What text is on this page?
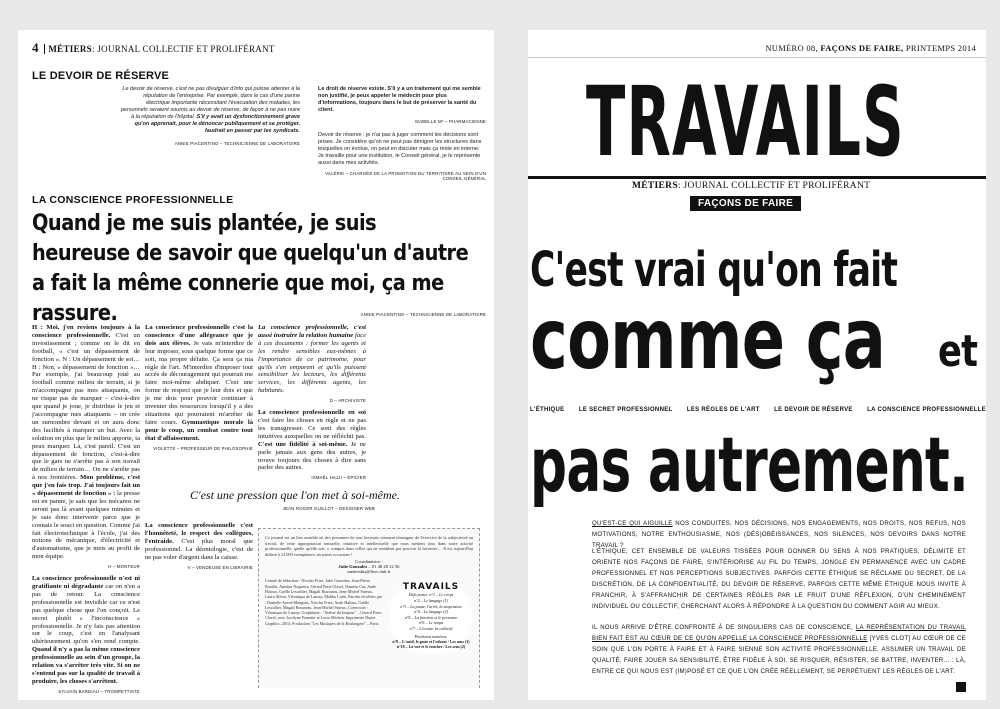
4 MÉTIERS: JOURNAL COLLECTIF ET PROLIFÉRANT
LE DEVOIR DE RÉSERVE
Le devoir de réserve, c'est ne pas divulguer d'info qui puisse attenter à la réputation de l'entreprise. Par exemple, dans le cas d'une panne électrique importante nécessitant l'évacuation des malades, les personnels seraient soumis au devoir de réserve, de façon à ne pas nuire à la réputation de l'hôpital. S'il y avait un dysfonctionnement grave qu'on apprenait, pour le dénoncer publiquement et se protéger, faudrait en passer par les syndicats.
ANNIE PIACENTINO – TECHNICIENNE DE LABORATOIRE
Le droit de réserve existe. S'il y a un traitement qui me semble non justifié, je peux appeler le médecin pour plus d'informations, toujours dans le but de préserver la santé du client.
ISABELLE M* – PHARMACIENNE
Devoir de réserve : je n'ai pas à juger comment les décisions sont prises. Je considère qu'on ne peut pas dénigrer les structures dans lesquelles on évolue, on peut en discuter mais ça reste en interne. Je travaille pour une institution, le Conseil général, je le représente aussi dans mes activités.
VALÉRIE – CHARGÉE DE LA PROMOTION DU TERRITOIRE AU SEIN D'UN CONSEIL GÉNÉRAL
LA CONSCIENCE PROFESSIONNELLE
Quand je me suis plantée, je suis heureuse de savoir que quelqu'un d'autre a fait la même connerie que moi, ça me rassure.	ANNIE PIACENTINO – TECHNICIENNE DE LABORATOIRE
H : Moi, j'en reviens toujours à la conscience professionnelle. C'est un investissement ; comme on le dit en football, « c'est un dépassement de fonction ». N : Un dépassement de soi… H : Non, « dépassement de fonction »… Par exemple, j'ai beaucoup joué au football comme milieu de terrain, si je m'accompagne pas mes attaquants, on ne risque pas de marquer – c'est-à-dire que quand je joue, je distribue le jeu et j'accompagne mes attaquants – on crée un surnombre devant et on aura donc des facilités à marquer un but. Avec la solution en plus que le milieu apporte, ta peux marquer. Là, c'est pareil. C'est un dépassement de fonction, c'est-à-dire que le gars ne s'arrête pas à son travail de milieu de terrain… On ne s'arrête pas à nos frontières. Mon problème, c'est que j'en fais trop. J'ai toujours fait un « dépassement de fonction » : la presse est en panne, je sais que les mécanos ne seront pas là avant quelques minutes et je sais donc intervenir parce que je connais le souci en question. Comme j'ai fait électrotechnique à l'école, j'ai des notions de mécanique, d'électricité et d'automatisme, que je mets au profit de mon équipe.
H – MONTEUR
La conscience professionnelle n'est ni gratifiante ni dégradante car on n'en a pas de retour. La conscience professionnelle est invisible car ce n'est pas quelque chose que l'on conçoit. Le secret plutôt « l'inconscience » professionnelle. Je n'y fais pas attention sur le coup, c'est en l'analysant ultérieurement qu'on s'en rend compte. Quand il n'y a pas la même conscience professionnelle au sein d'un groupe, la relation va s'arrêter très vite. Si on ne s'entend pas sur la qualité de travail à produire, les choses s'arrêtent.
SYLVAIN BARDIAU – TROMPETTISTE
La conscience professionnelle c'est la conscience d'une allégeance que je dois aux élèves. Je vais m'interdire de leur imposer, sous quelque forme que ce soit, ma propre défaite. Ça sera ça ma règle de l'art. M'interdire d'imposer tout accès de découragement qui pourrait me faire moi-même abdiquer. C'est une forme de respect que je leur dois et que je me dois pour pouvoir continuer à inventer des ressources lorsqu'il y a des situations qui pourraient m'arrêter de faire cours. Gymnastique morale là pour le coup, un combat contre tout état d'affaissement.
VIOLETTE – PROFESSEUR DE PHILOSOPHIE
La conscience professionnelle, c'est aussi instruire la relation humaine face à ces documents : former les agents et les rendre sensibles eux-mêmes à l'importance de ce patrimoine, pour qu'ils s'en emparent et qu'ils puissent sensibiliser les lecteurs, les différents services, les différents agents, les habitants.
D – ARCHIVISTE
La conscience professionnelle en soi c'est faire les choses en règle et ne pas les transgresser. Ce sont des règles intuitives auxquelles on ne réfléchit pas. C'est une fidélité à soi-même. Je ne parle jamais aux gens des autres, je trouve toujours des choses à dire sans parler des autres.
ISMAËL HAJJI – ÉPICIER
C'est une pression que l'on met à soi-même.
JEAN ROGER GUILLOT – DESIGNER WEB
La conscience professionnelle c'est l'honnêteté, le respect des collègues, l'entraide. C'est plus moral que professionnel. La déontologie, c'est de ne pas voler d'argent dans la caisse.
V – VENDEUSE EN LIBRAIRIE
Ce journal est un lieu sensible où des personnes de tous horizons viennent témoigner de l'exercice de la subjectivité au travail, de cette appropriation sensuelle, intuitive et intellectuelle que nous mettons tous dans notre activité professionnelle, quelle qu'elle soit, y compris dans celles qui ne semblent pas pouvoir la favoriser… Il est aujourd'hui diffusé à 14 000 exemplaires, en toutes occasions !
Coordinatrice :
Julie Gonzalez – 01 48 28 12 56
metiersbis@live.club.fr
Comité de rédaction : Nicolas Frize, Julie Gonzalez, Jean-Pierre Bouilin, Antoine Nogueira, Gérard Paris-Clavel, Damien Cas, Aude Haloux, Gaëlle Lescallier, Magali Rousseau, Jean-Michel Sineux, Laura Alfera, Véronique de Lauray, Malika Littin. Paroles récoltées par : Danielle Aveod-Mauguin, Nicolas Frize, Aude Haloux, Gaëlle Lescallier, Magali Rousseau, Jean-Michel Sineux. Correction : Véronique de Lauray. Graphisme : "Atelier du bonjour" – Gérard Paris-Clavel, avec Jocelyne Fournier et Lucie Michon. Imprimerie Burtet Graphics, 2014. Production "Les Musiques de la Boulangère" – Paris.
TRAVAILS
Déjà parus: n°1 – Le corps
n°2 – Le langage (1)
n°3 – La pause, l'arrêt, la suspension
n°4 – Le langage (2)
n°5 – La fonction et le personne
n°6 – Le temps
n°7 – L'écoute, la collectif
Prochains numéros:
n°9 – L'outil, le geste et l'odorat / Les sens (1)
n°10 – La vue et le toucher / Les sens (2)
NUMÉRO 08, FAÇONS DE FAIRE, PRINTEMPS 2014
TRAVAILS
MÉTIERS: JOURNAL COLLECTIF ET PROLIFÉRANT
FAÇONS DE FAIRE
C'est vrai qu'on fait
comme ça	et
L'ÉTHIQUE LE SECRET PROFESSIONNEL LES RÈGLES DE L'ART LE DEVOIR DE RÉSERVE LA CONSCIENCE PROFESSIONNELLE
pas autrement.
QU'EST-CE QUI AIGUILLE NOS CONDUITES, NOS DÉCISIONS, NOS ENGAGEMENTS, NOS DROITS, NOS REFUS, NOS MOTIVATIONS, NOTRE ENTHOUSIASME, NOS (DÉS)OBÉISSANCES, NOS SILENCES, NOS DEVOIRS DANS NOTRE TRAVAIL ?
L'ÉTHIQUE, CET ENSEMBLE DE VALEURS TISSÉES POUR DONNER DU SENS À NOS PRATIQUES, DÉLIMITE ET ORIENTE NOS FAÇONS DE FAIRE, S'INTÉRIORISE AU FIL DU TEMPS, JONGLE EN PERMANENCE AVEC UN CADRE PROFESSIONNEL ET NOS PERCEPTIONS SUBJECTIVES. PARFOIS CETTE ÉTHIQUE SE RÉCLAME DU SECRET, DE LA DISCRÉTION, DE LA CONFIDENTIALITÉ, DU DEVOIR DE RÉSERVE, PARFOIS CETTE MÊME ÉTHIQUE NOUS INVITE À FRANCHIR, À S'AFFRANCHIR DE CERTAINES RÈGLES PAR LE FRUIT D'UNE RÉFLEXION, D'UN CHEMINEMENT INDIVIDUEL OU COLLECTIF, CHERCHANT ALORS À RÉPONDRE À LA QUESTION DU COMMENT AGIR AU MIEUX.
IL NOUS ARRIVE D'ÊTRE CONFRONTÉ À DE SINGULIERS CAS DE CONSCIENCE, LA REPRÉSENTATION DU TRAVAIL BIEN FAIT EST AU CŒUR DE CE QU'ON APPELLE LA CONSCIENCE PROFESSIONNELLE [YVES CLOT] AU CŒUR DE CE SOIN QUE L'ON PORTE À FAIRE ET À FAIRE SIENNE SON ACTIVITÉ PROFESSIONNELLE, ASSUMER UN TRAVAIL DE QUALITÉ, FAIRE JOUER SA SENSIBILITÉ, ÊTRE FIDÈLE À SOI, SE RISQUER, RÉSISTER, SE BATTRE, INVENTER… : LÀ, ENTRE CE QUI NOUS EST (IM)POSÉ ET CE QUE L'ON CRÉE RÉELLEMENT, SE PERPÉTUENT LES RÈGLES DE L'ART.
